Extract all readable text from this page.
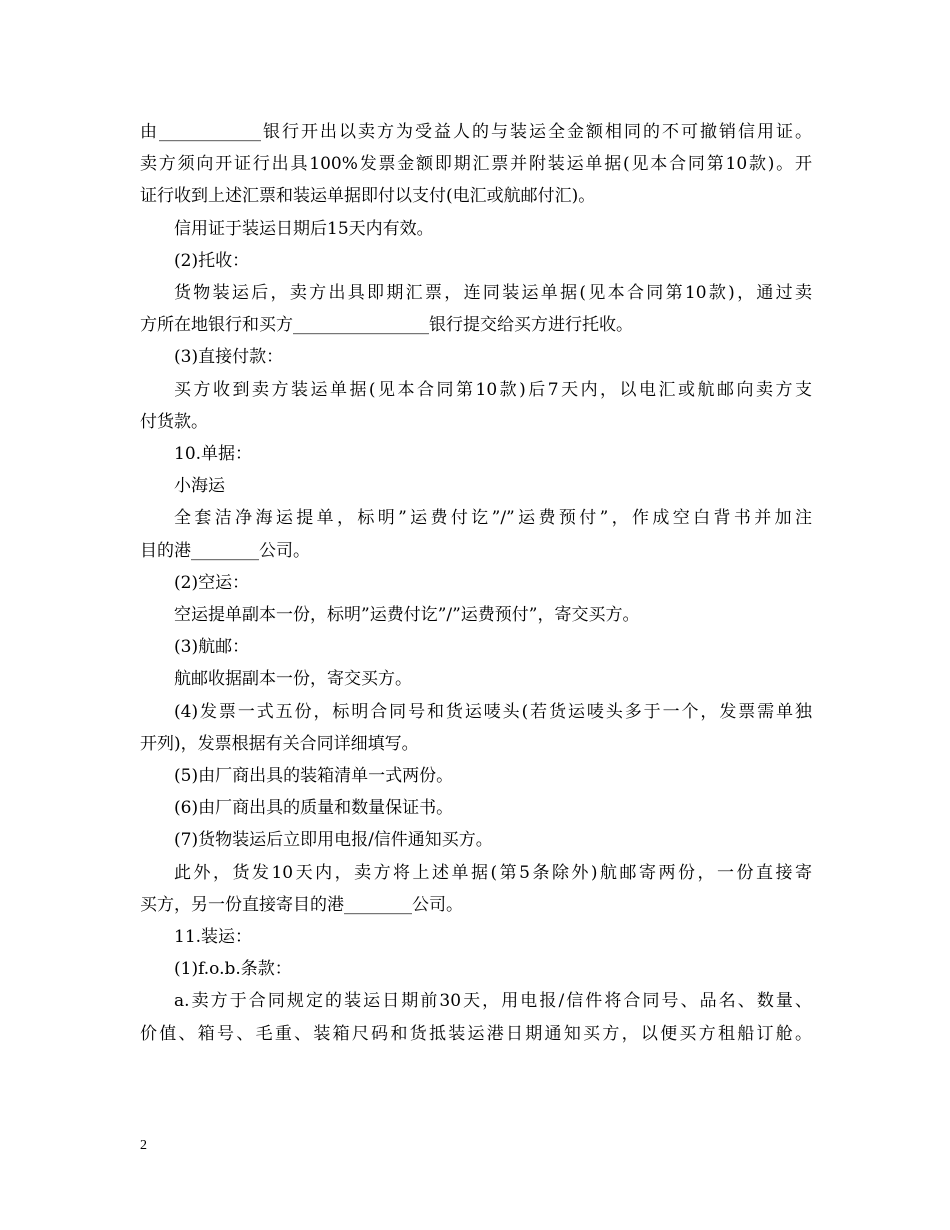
由____________银行开出以卖方为受益人的与装运全金额相同的不可撤销信用证。

卖方须向开证行出具100%发票金额即期汇票并附装运单据(见本合同第10款)。开

证行收到上述汇票和装运单据即付以支付(电汇或航邮付汇)。

信用证于装运日期后15天内有效。

(2)托收：

货物装运后，卖方出具即期汇票，连同装运单据(见本合同第10款)，通过卖

方所在地银行和买方________________银行提交给买方进行托收。

(3)直接付款：

买方收到卖方装运单据(见本合同第10款)后7天内，以电汇或航邮向卖方支

付货款。

10.单据：

小海运

全套洁净海运提单，标明”运费付讫”/”运费预付”，作成空白背书并加注

目的港________公司。

(2)空运：

空运提单副本一份，标明”运费付讫”/”运费预付”，寄交买方。

(3)航邮：

航邮收据副本一份，寄交买方。

(4)发票一式五份，标明合同号和货运唛头(若货运唛头多于一个，发票需单独

开列)，发票根据有关合同详细填写。

(5)由厂商出具的装箱清单一式两份。

(6)由厂商出具的质量和数量保证书。

(7)货物装运后立即用电报/信件通知买方。

此外，货发10天内，卖方将上述单据(第5条除外)航邮寄两份，一份直接寄

买方，另一份直接寄目的港________公司。

11.装运：

(1)f.o.b.条款：

a.卖方于合同规定的装运日期前30天，用电报/信件将合同号、品名、数量、

价值、箱号、毛重、装箱尺码和货抵装运港日期通知买方，以便买方租船订舱。

2
